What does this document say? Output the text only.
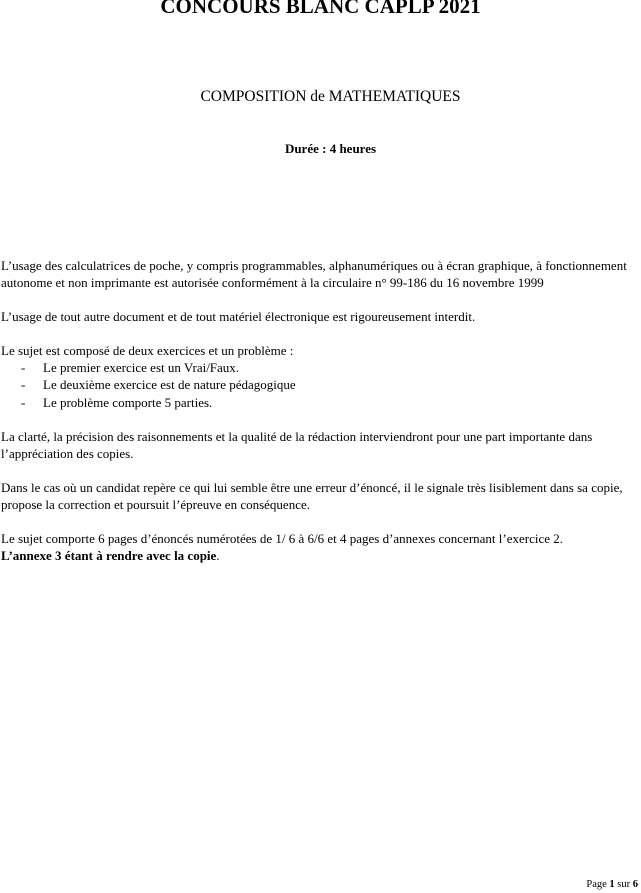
CONCOURS BLANC CAPLP 2021
COMPOSITION de MATHEMATIQUES
Durée : 4 heures

L’usage des calculatrices de poche, y compris programmables, alphanumériques ou à écran graphique, à fonctionnement autonome et non imprimante est autorisée conformément à la circulaire n° 99-186 du 16 novembre 1999

L’usage de tout autre document et de tout matériel électronique est rigoureusement interdit.

Le sujet est composé de deux exercices et un problème :

- Le premier exercice est un Vrai/Faux.
- Le deuxième exercice est de nature pédagogique
- Le problème comporte 5 parties.

La clarté, la précision des raisonnements et la qualité de la rédaction interviendront pour une part importante dans l’appréciation des copies.

Dans le cas où un candidat repère ce qui lui semble être une erreur d’énoncé, il le signale très lisiblement dans sa copie, propose la correction et poursuit l’épreuve en conséquence.

Le sujet comporte 6 pages d’énoncés numérotées de 1/ 6 à 6/6 et 4 pages d’annexes concernant l’exercice 2.
L’annexe 3 étant à rendre avec la copie.

Page 1 sur 6
